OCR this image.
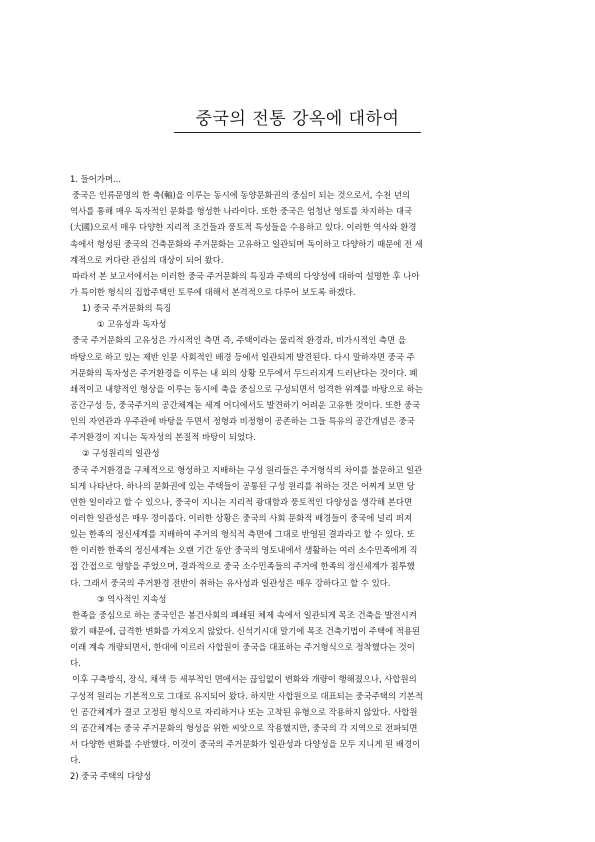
중국의 전통 강옥에 대하여
1. 들어가며...
중국은 인류문명의 한 축(軸)을 이루는 동시에 동양문화권의 중심이 되는 것으로서, 수천 년의
역사를 통해 매우 독자적인 문화를 형성한 나라이다. 또한 중국은 엄청난 영토를 차지하는 대국
(大國)으로서 매우 다양한 지리적 조건들과 풍토적 특성들을 수용하고 있다. 이러한 역사와 환경
속에서 형성된 중국의 건축문화와 주거문화는 고유하고 일관되며 독이하고 다양하기 때문에 전 세
계적으로 커다란 관심의 대상이 되어 왔다.
따라서 본 보고서에서는 이러한 중국 주거문화의 특징과 주택의 다양성에 대하여 설명한 후 나아
가 특이한 형식의 집합주택인 토루에 대해서 본격적으로 다루어 보도록 하겠다.
1) 중국 주거문화의 특징
① 고유성과 독자성
중국 주거문화의 고유성은 가시적인 측면 즉, 주택이라는 물리적 환경과, 비가시적인 측면 을
바탕으로 하고 있는 제반 인문 사회적인 배경 등에서 일관되게 발견된다. 다시 말하자면 중국 주
거문화의 독자성은 주거환경을 이루는 내 외의 상황 모두에서 두드러지게 드러난다는 것이다. 폐
쇄적이고 내향적인 형상을 이루는 동시에 축을 중심으로 구성되면서 엄격한 위계를 바탕으로 하는
공간구성 등, 중국주거의 공간체계는 세계 어디에서도 발견하기 어려운 고유한 것이다. 또한 중국
인의 자연관과 우주관에 바탕을 두면서 정형과 비정형이 공존하는 그들 특유의 공간개념은 중국
주거환경이 지니는 독자성의 본질적 바탕이 되었다.
② 구성원리의 일관성
중국 주거환경을 구체적으로 형성하고 지배하는 구성 원리들은 주거형식의 차이를 불문하고 일관
되게 나타난다. 하나의 문화권에 있는 주택들이 공통된 구성 원리를 취하는 것은 어찌게 보면 당
연한 일이라고 할 수 있으나, 중국이 지니는 지리적 광대함과 풍토적인 다양성을 생각해 본다면
이러한 일관성은 매우 경이롭다. 이러한 상황은 중국의 사회 문화적 배경들이 중국에 널리 퍼져
있는 한족의 정신세계를 지배하여 주거의 형식적 측면에 그대로 반영된 결과라고 할 수 있다. 또
한 이러한 한족의 정신세계는 오랜 기간 동안 중국의 영토내에서 생활하는 여러 소수민족에게 직
접 간접으로 영향을 주었으며, 결과적으로 중국 소수민족들의 주거에 한족의 정신세계가 침투했
다. 그래서 중국의 주거환경 전반이 취하는 유사성과 일관성은 매우 강하다고 할 수 있다.
③ 역사적인 지속성
한족을 중심으로 하는 중국인은 봉건사회의 폐쇄된 체제 속에서 일관되게 목조 건축을 발전시켜
왔기 때문에, 급격한 변화를 가져오지 않았다. 신석기시대 말기에 목조 건축기법이 주택에 적용된
이래 계속 개량되면서, 한대에 이르러 사합원이 중국을 대표하는 주거형식으로 정착했다는 것이
다.
이후 구축방식, 장식, 채색 등 세부적인 면에서는 끊임없이 변화와 개량이 행해졌으나, 사합원의
구성적 원리는 기본적으로 그대로 유지되어 왔다. 하지만 사합원으로 대표되는 중국주택의 기본적
인 공간체계가 결코 고정된 형식으로 자리하거나 또는 고착된 유형으로 작용하지 않았다. 사합원
의 공간체계는 중국 주거문화의 형성을 위한 씨앗으로 작용했지만, 중국의 각 지역으로 전파되면
서 다양한 변화를 수반했다. 이것이 중국의 주거문화가 일관성과 다양성을 모두 지니게 된 배경이
다.
2) 중국 주택의 다양성
